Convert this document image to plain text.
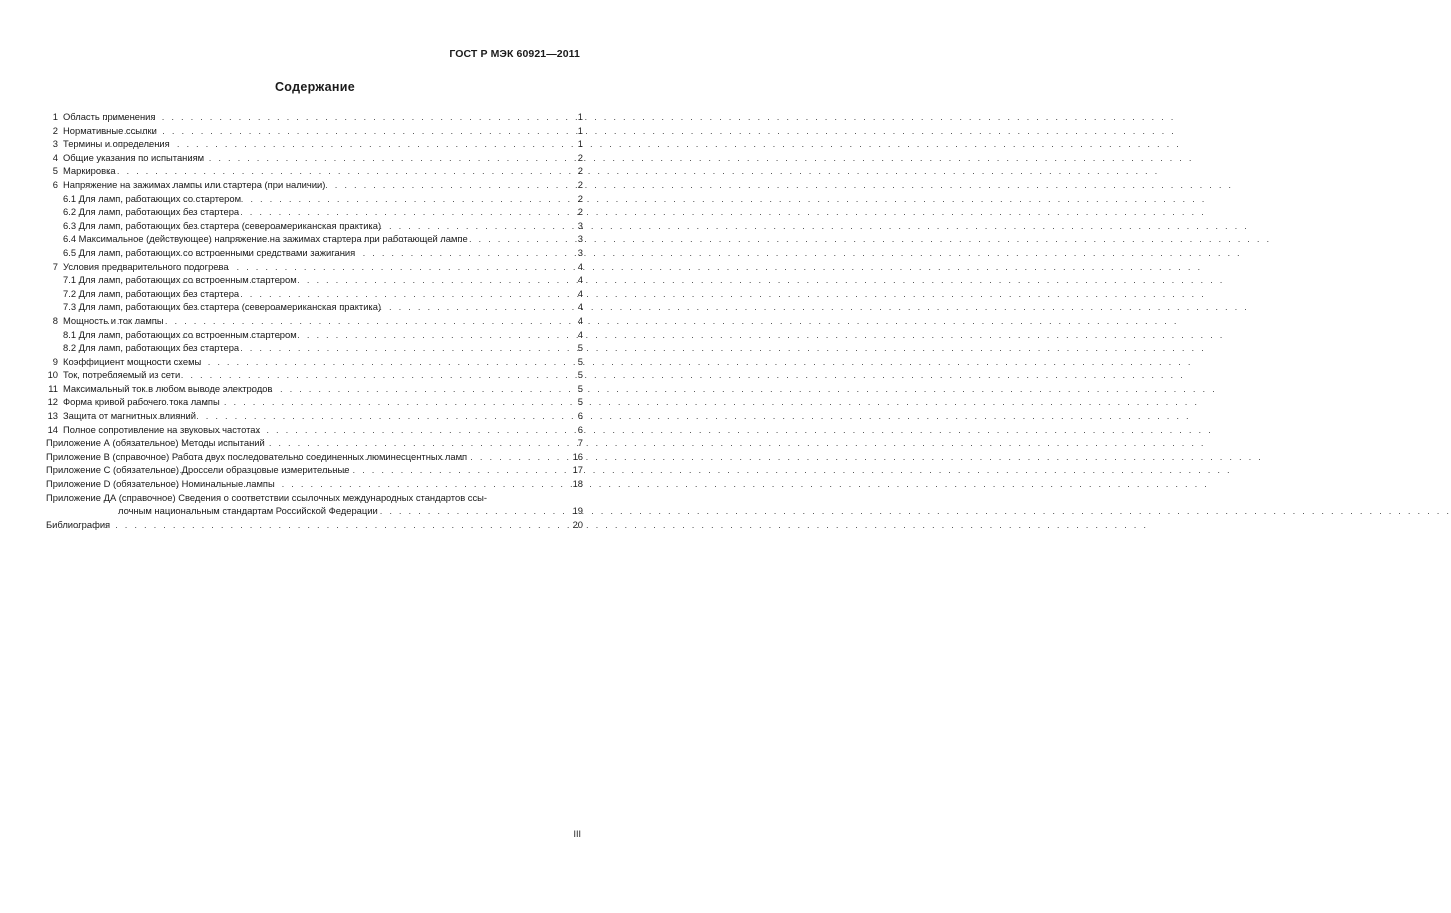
ГОСТ Р МЭК 60921—2011
Содержание
1 Область применения . . .	1
2 Нормативные ссылки . . .	1
3 Термины и определения . . .	1
4 Общие указания по испытаниям . . .	2
5 Маркировка . . .	2
6 Напряжение на зажимах лампы или стартера (при наличии) . . .	2
6.1 Для ламп, работающих со стартером . . .	2
6.2 Для ламп, работающих без стартера . . .	2
6.3 Для ламп, работающих без стартера (североамериканская практика) . . .	3
6.4 Максимальное (действующее) напряжение на зажимах стартера при работающей лампе . . .	3
6.5 Для ламп, работающих со встроенными средствами зажигания . . .	3
7 Условия предварительного подогрева . . .	4
7.1 Для ламп, работающих со встроенным стартером . . .	4
7.2 Для ламп, работающих без стартера . . .	4
7.3 Для ламп, работающих без стартера (североамериканская практика) . . .	4
8 Мощность и ток лампы . . .	4
8.1 Для ламп, работающих со встроенным стартером . . .	4
8.2 Для ламп, работающих без стартера . . .	5
9 Коэффициент мощности схемы . . .	5
10 Ток, потребляемый из сети . . .	5
11 Максимальный ток в любом выводе электродов . . .	5
12 Форма кривой рабочего тока лампы . . .	5
13 Защита от магнитных влияний . . .	6
14 Полное сопротивление на звуковых частотах . . .	6
Приложение А (обязательное) Методы испытаний . . .	7
Приложение В (справочное) Работа двух последовательно соединенных люминесцентных ламп . . .	16
Приложение С (обязательное) Дроссели образцовые измерительные . . .	17
Приложение D (обязательное) Номинальные лампы . . .	18
Приложение ДА (справочное) Сведения о соответствии ссылочных международных стандартов ссы-
лочным национальным стандартам Российской Федерации . . .	19
Библиография . . .	20
III
